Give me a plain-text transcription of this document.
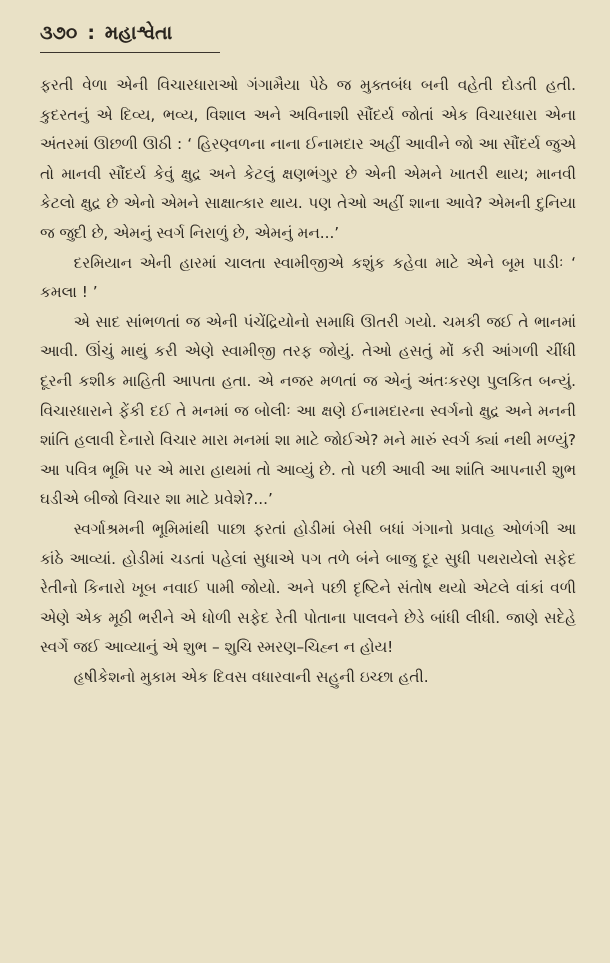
૩૭૦ : મહાશ્વેતા

ફરતી વેળા એની વિચારધારાઓ ગંગામૈયા પેઠે જ મુક્તબંધ બની વહેતી દોડતી હતી. કુદરતનું એ દિવ્ય, ભવ્ય, વિશાલ અને અવિનાશી સૌંદર્ય જોતાં એક વિચારધારા એના અંતરમાં ઊછળી ઊઠી : ‘ હિરણ્વળના નાના ઈનામદાર અહીં આવીને જો આ સૌંદર્ય જુએ તો માનવી સૌંદર્ય કેવું ક્ષુદ્ર અને કેટલું ક્ષણભંગુર છે એની એમને ખાતરી થાય; માનવી કેટલો ક્ષુદ્ર છે એનો એમને સાક્ષાત્કાર થાય. પણ તેઓ અહીં શાના આવે? એમની દુનિયા જ જુદી છે, એમનું સ્વર્ગ નિરાળું છે, એમનું મન...’

દરમિયાન એની હારમાં ચાલતા સ્વામીજીએ કશુંક કહેવા માટે એને બૂમ પાડીઃ ‘ કમલા ! ’

એ સાદ સાંભળતાં જ એની પંચેંદ્રિયોનો સમાધિ ઊતરી ગયો. ચમકી જઈ તે ભાનમાં આવી. ઊંચું માથું કરી એણે સ્વામીજી તરફ જોયું. તેઓ હસતું મોં કરી આંગળી ચીંધી દૂરની કશીક માહિતી આપતા હતા. એ નજર મળતાં જ એનું અંતઃકરણ પુલકિત બન્યું. વિચારધારાને ફેંકી દઈ તે મનમાં જ બોલીઃ આ ક્ષણે ઈનામદારના સ્વર્ગનો ક્ષુદ્ર અને મનની શાંતિ હલાવી દેનારો વિચાર મારા મનમાં શા માટે જોઈએ? મને મારું સ્વર્ગ ક્યાં નથી મળ્યું? આ પવિત્ર ભૂમિ પર એ મારા હાથમાં તો આવ્યું છે. તો પછી આવી આ શાંતિ આપનારી શુભ ઘડીએ બીજો વિચાર શા માટે પ્રવેશે?...’

સ્વર્ગાશ્રમની ભૂમિમાંથી પાછા ફરતાં હોડીમાં બેસી બધાં ગંગાનો પ્રવાહ ઓળંગી આ કાંઠે આવ્યાં. હોડીમાં ચડતાં પહેલાં સુધાએ પગ તળે બંને બાજુ દૂર સુધી પથરાયેલો સફેદ રેતીનો કિનારો ખૂબ નવાઈ પામી જોયો. અને પછી દૃષ્ટિને સંતોષ થયો એટલે વાંકાં વળી એણે એક મૂઠી ભરીને એ ધોળી સફેદ રેતી પોતાના પાલવને છેડે બાંધી લીધી. જાણે સદેહે સ્વર્ગે જઈ આવ્યાનું એ શુભ – શુચિ સ્મરણ–ચિહ્ન ન હોય!

હૃષીકેશનો મુકામ એક દિવસ વધારવાની સહુની ઇચ્છા હતી.
